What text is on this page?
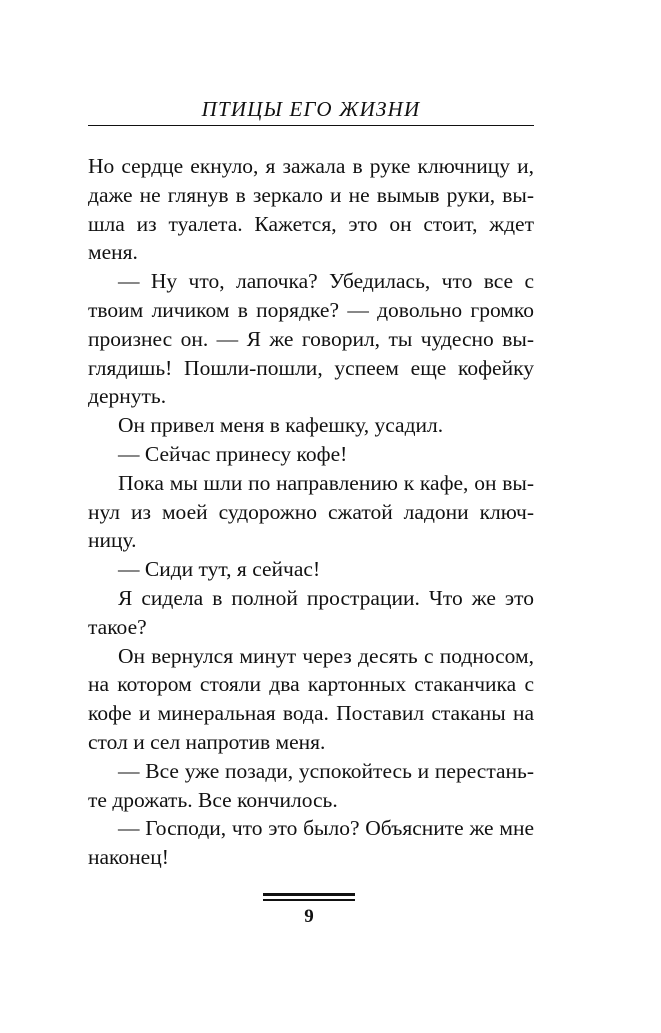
ПТИЦЫ ЕГО ЖИЗНИ

Но сердце екнуло, я зажала в руке ключницу и,
даже не глянув в зеркало и не вымыв руки, вы-
шла из туалета. Кажется, это он стоит, ждет
меня.

— Ну что, лапочка? Убедилась, что все с
твоим личиком в порядке? — довольно громко
произнес он. — Я же говорил, ты чудесно вы-
глядишь! Пошли-пошли, успеем еще кофейку
дернуть.

Он привел меня в кафешку, усадил.

— Сейчас принесу кофе!

Пока мы шли по направлению к кафе, он вы-
нул из моей судорожно сжатой ладони ключ-
ницу.

— Сиди тут, я сейчас!

Я сидела в полной прострации. Что же это
такое?

Он вернулся минут через десять с подносом,
на котором стояли два картонных стаканчика с
кофе и минеральная вода. Поставил стаканы на
стол и сел напротив меня.

— Все уже позади, успокойтесь и перестань-
те дрожать. Все кончилось.

— Господи, что это было? Объясните же мне
наконец!

9
